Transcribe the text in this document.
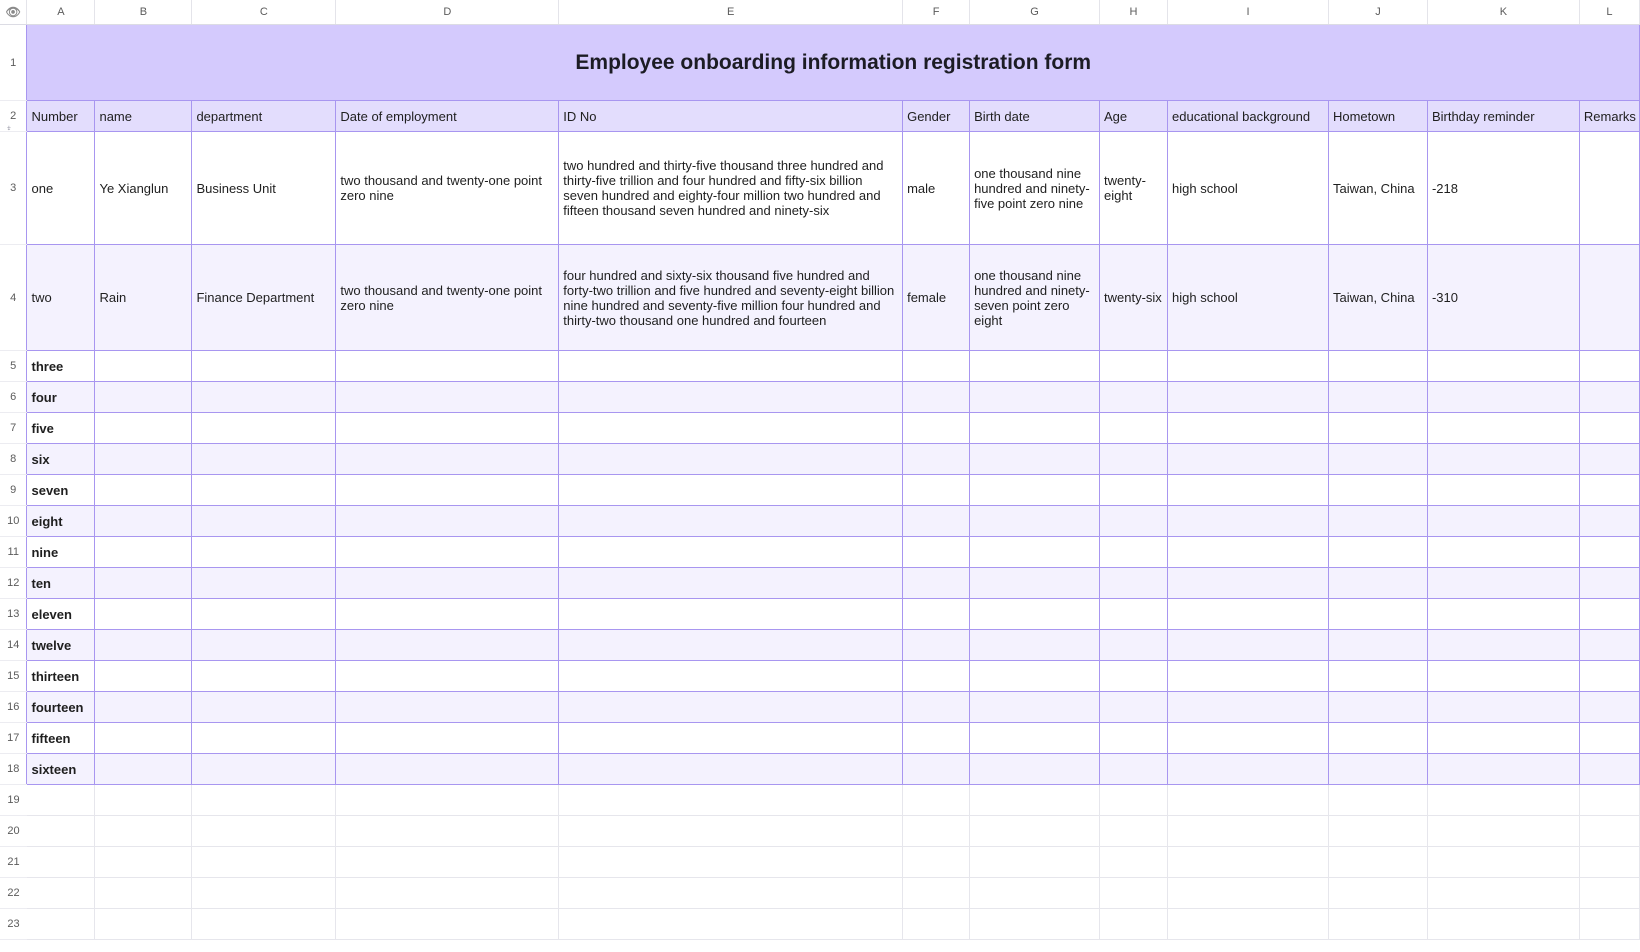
👁︎	A	B	C	D	E	F	G	H	I	J	K	L
1	Employee onboarding information registration form											
2
⍖	Number	name	department	Date of employment	ID No	Gender	Birth date	Age	educational background	Hometown	Birthday reminder	Remarks
3	one	Ye Xianglun	Business Unit	two thousand and twenty-one point zero nine	two hundred and thirty-five thousand three hundred and thirty-five trillion and four hundred and fifty-six billion seven hundred and eighty-four million two hundred and fifteen thousand seven hundred and ninety-six	male	one thousand nine hundred and ninety-five point zero nine	twenty-eight	high school	Taiwan, China	-218	
4	two	Rain	Finance Department	two thousand and twenty-one point zero nine	four hundred and sixty-six thousand five hundred and forty-two trillion and five hundred and seventy-eight billion nine hundred and seventy-five million four hundred and thirty-two thousand one hundred and fourteen	female	one thousand nine hundred and ninety-seven point zero eight	twenty-six	high school	Taiwan, China	-310	
5	three											
6	four											
7	five											
8	six											
9	seven											
10	eight											
11	nine											
12	ten											
13	eleven											
14	twelve											
15	thirteen											
16	fourteen											
17	fifteen											
18	sixteen											
19												
20												
21												
22												
23												
